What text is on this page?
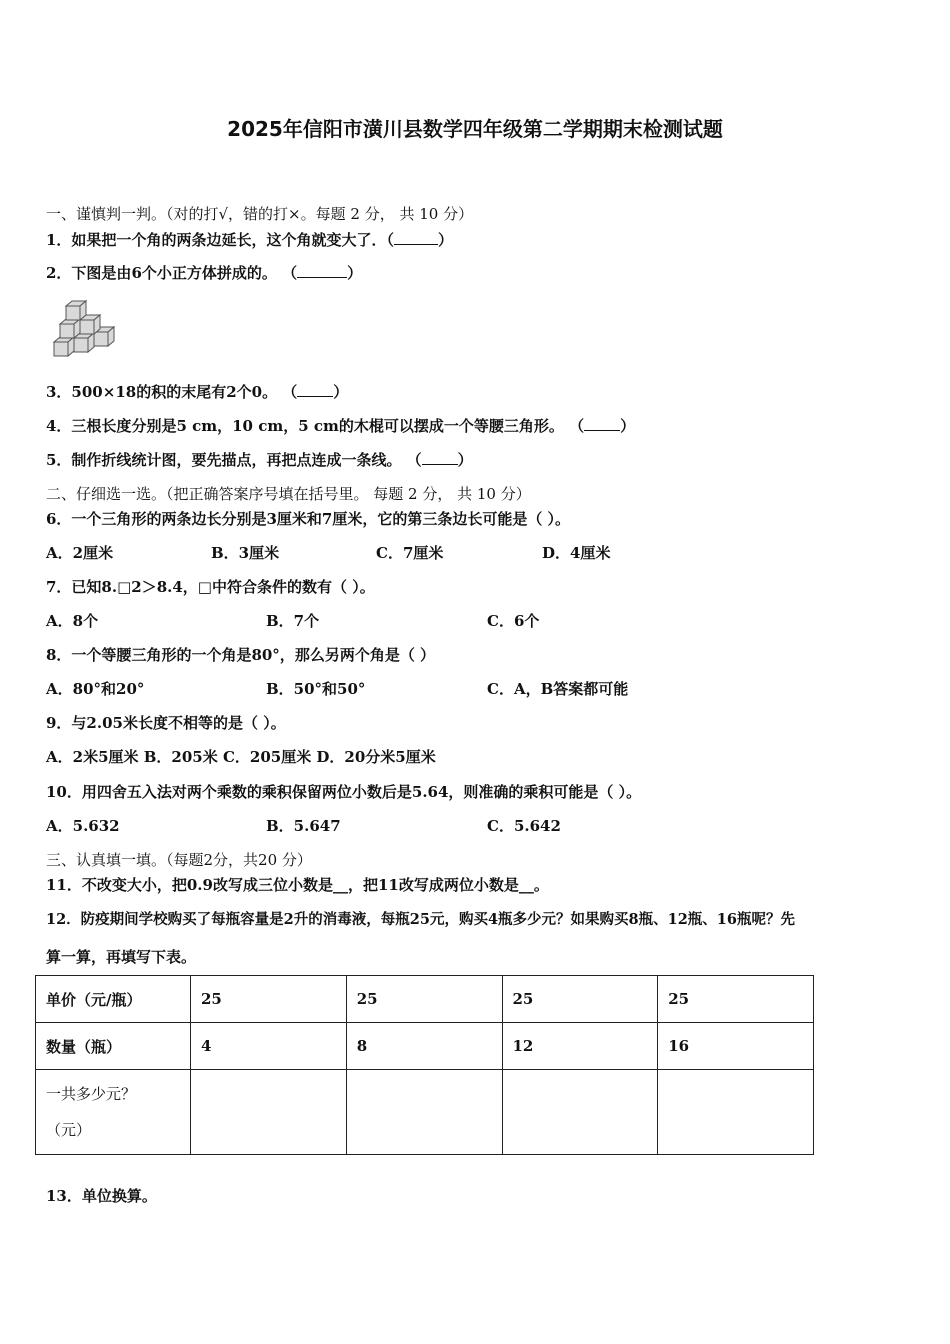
2025年信阳市潢川县数学四年级第二学期期末检测试题
一、谨慎判一判。（对的打√，错的打×。每题 2 分， 共 10 分）
1．如果把一个角的两条边延长，这个角就变大了．（	）
2．下图是由6个小正方体拼成的。 （	）
3．500×18的积的末尾有2个0。 （ ）
4．三根长度分别是5 cm，10 cm，5 cm的木棍可以摆成一个等腰三角形。 （ ）
5．制作折线统计图，要先描点，再把点连成一条线。 （ ）
二、仔细选一选。（把正确答案序号填在括号里。 每题 2 分， 共 10 分）
6．一个三角形的两条边长分别是3厘米和7厘米，它的第三条边长可能是（ ）。
A．2厘米	B．3厘米	C．7厘米	D．4厘米
7．已知8.□2＞8.4，□中符合条件的数有（ ）。
A．8个	B．7个	C．6个
8．一个等腰三角形的一个角是80°，那么另两个角是（ ）
A．80°和20°	B．50°和50°	C．A，B答案都可能
9．与2.05米长度不相等的是（ ）。
A．2米5厘米 B．205米 C．205厘米 D．20分米5厘米
10．用四舍五入法对两个乘数的乘积保留两位小数后是5.64，则准确的乘积可能是（ ）。
A．5.632	B．5.647	C．5.642
三、认真填一填。（每题2分，共20 分）
11．不改变大小，把0.9改写成三位小数是__，把11改写成两位小数是__。
12．防疫期间学校购买了每瓶容量是2升的消毒液，每瓶25元，购买4瓶多少元？如果购买8瓶、12瓶、16瓶呢？先
算一算，再填写下表。
单价（元/瓶）	25	25	25	25
数量（瓶）	4	8	12	16

一共多少元？
（元）				

13．单位换算。
